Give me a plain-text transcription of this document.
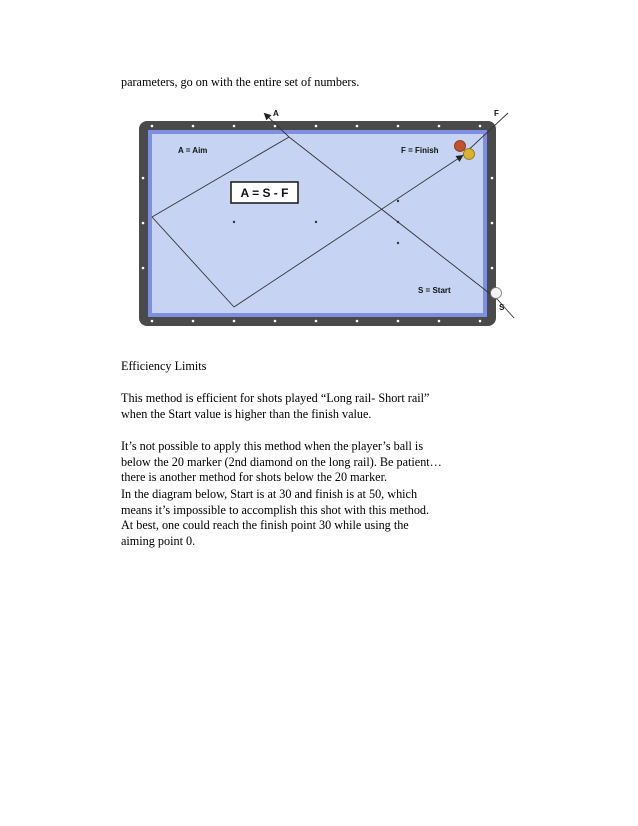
parameters, go on with the entire set of numbers.
A = S - F
A = Aim	F = Finish
S = Start
A	F
S
Efficiency Limits
This method is efficient for shots played “Long rail- Short rail”
when the Start value is higher than the finish value.
It’s not possible to apply this method when the player’s ball is
below the 20 marker (2nd diamond on the long rail). Be patient…
there is another method for shots below the 20 marker.
In the diagram below, Start is at 30 and finish is at 50, which
means it’s impossible to accomplish this shot with this method.
At best, one could reach the finish point 30 while using the
aiming point 0.
